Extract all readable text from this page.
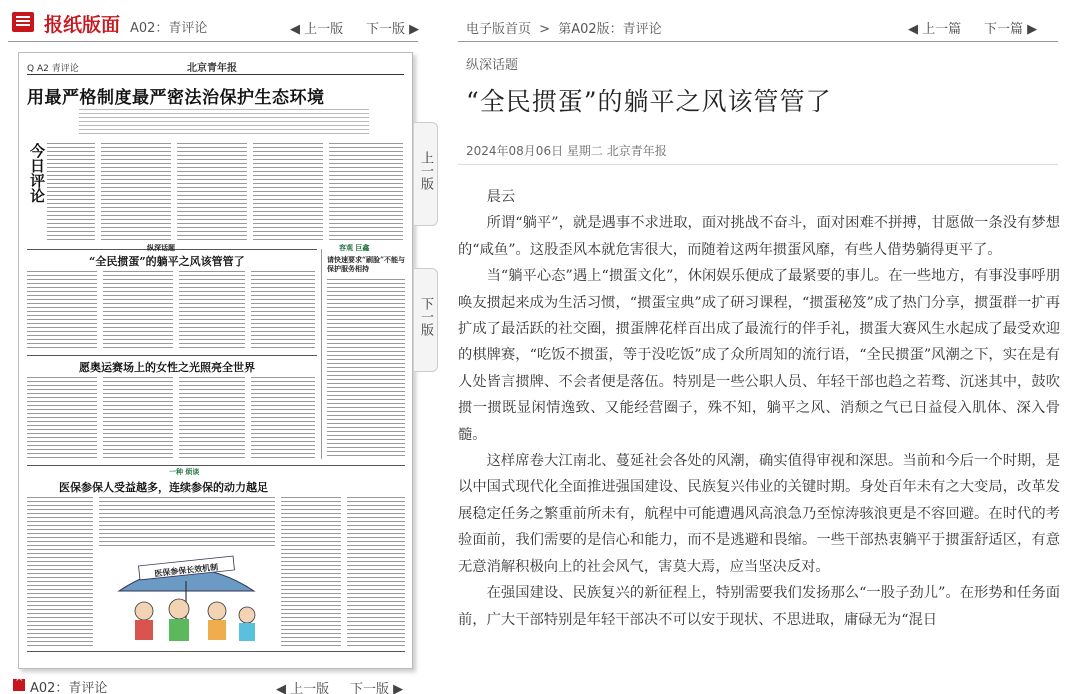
报纸版面 A02：青评论	◀ 上一版 下一版 ▶
Q A2 青评论	北京青年报
用最严格制度最严密法治保护生态环境
今日评论
纵深话题
“全民掼蛋”的躺平之风该管管了
容观 巨鑫
请快速要求“刷脸”不能与保护服务相持
愿奥运赛场上的女性之光照亮全世界
一种 烦谈
医保参保人受益越多，连续参保的动力越足
医保参保长效机制
上一版
下一版
^
A02：青评论	◀ 上一版 下一版 ▶
电子版首页 > 第A02版：青评论	◀ 上一篇 下一篇 ▶
纵深话题
“全民掼蛋”的躺平之风该管管了
2024年08月06日 星期二 北京青年报

晨云

所谓“躺平”，就是遇事不求进取，面对挑战不奋斗，面对困难不拼搏，甘愿做一条没有梦想的“咸鱼”。这股歪风本就危害很大，而随着这两年掼蛋风靡，有些人借势躺得更平了。

当“躺平心态”遇上“掼蛋文化”，休闲娱乐便成了最紧要的事儿。在一些地方，有事没事呼朋唤友掼起来成为生活习惯，“掼蛋宝典”成了研习课程，“掼蛋秘笈”成了热门分享，掼蛋群一扩再扩成了最活跃的社交圈，掼蛋牌花样百出成了最流行的伴手礼，掼蛋大赛风生水起成了最受欢迎的棋牌赛，“吃饭不掼蛋，等于没吃饭”成了众所周知的流行语，“全民掼蛋”风潮之下，实在是有人处皆言掼牌、不会者便是落伍。特别是一些公职人员、年轻干部也趋之若骛、沉迷其中，鼓吹掼一掼既显闲情逸致、又能经营圈子，殊不知，躺平之风、消颓之气已日益侵入肌体、深入骨髓。

这样席卷大江南北、蔓延社会各处的风潮，确实值得审视和深思。当前和今后一个时期，是以中国式现代化全面推进强国建设、民族复兴伟业的关键时期。身处百年未有之大变局，改革发展稳定任务之繁重前所未有，航程中可能遭遇风高浪急乃至惊涛骇浪更是不容回避。在时代的考验面前，我们需要的是信心和能力，而不是逃避和畏缩。一些干部热衷躺平于掼蛋舒适区，有意无意消解积极向上的社会风气，害莫大焉，应当坚决反对。

在强国建设、民族复兴的新征程上，特别需要我们发扬那么“一股子劲儿”。在形势和任务面前，广大干部特别是年轻干部决不可以安于现状、不思进取，庸碌无为“混日
